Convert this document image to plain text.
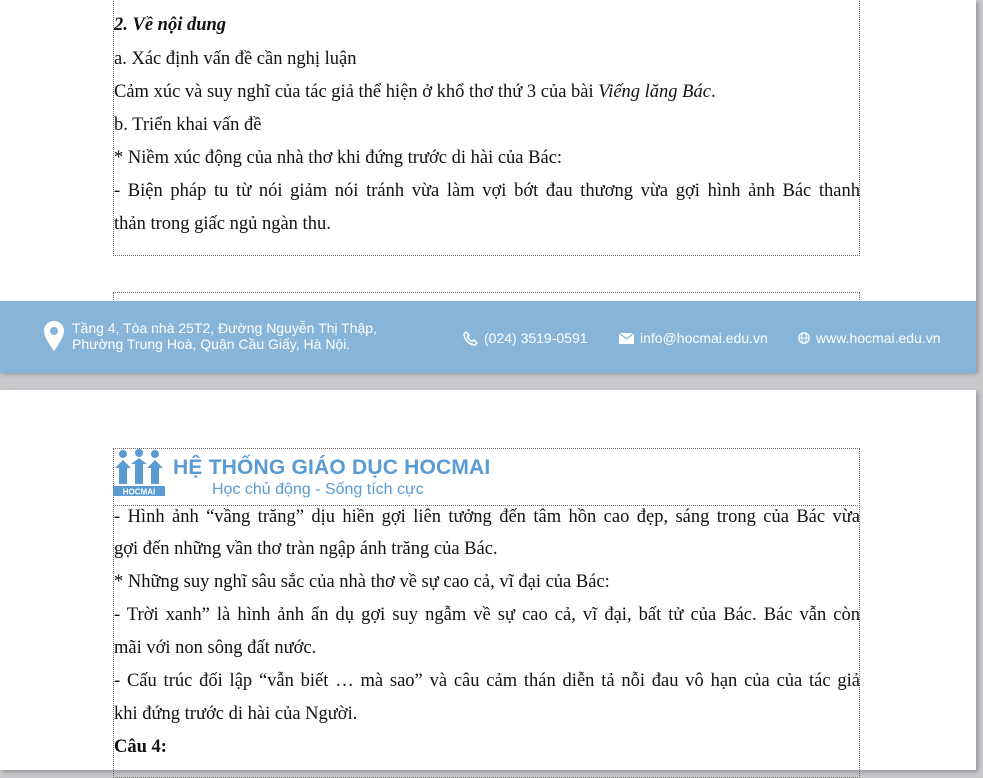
2. Về nội dung
a. Xác định vấn đề cần nghị luận
Cảm xúc và suy nghĩ của tác giả thể hiện ở khổ thơ thứ 3 của bài Viếng lăng Bác.
b. Triển khai vấn đề
* Niềm xúc động của nhà thơ khi đứng trước di hài của Bác:
- Biện pháp tu từ nói giảm nói tránh vừa làm vợi bớt đau thương vừa gợi hình ảnh Bác thanh
thản trong giấc ngủ ngàn thu.
Tầng 4, Tòa nhà 25T2, Đường Nguyễn Thị Thập,
Phường Trung Hoà, Quận Cầu Giấy, Hà Nội.	(024) 3519-0591	info@hocmai.edu.vn	www.hocmai.edu.vn
HOCMAI
HỆ THỐNG GIÁO DỤC HOCMAI
Học chủ động - Sống tích cực
- Hình ảnh “vầng trăng” dịu hiền gợi liên tưởng đến tâm hồn cao đẹp, sáng trong của Bác vừa
gợi đến những vần thơ tràn ngập ánh trăng của Bác.
* Những suy nghĩ sâu sắc của nhà thơ về sự cao cả, vĩ đại của Bác:
- Trời xanh” là hình ảnh ẩn dụ gợi suy ngẫm về sự cao cả, vĩ đại, bất tử của Bác. Bác vẫn còn
mãi với non sông đất nước.
- Cấu trúc đối lập “vẫn biết … mà sao” và câu cảm thán diễn tả nỗi đau vô hạn của của tác giả
khi đứng trước di hài của Người.
Câu 4:
